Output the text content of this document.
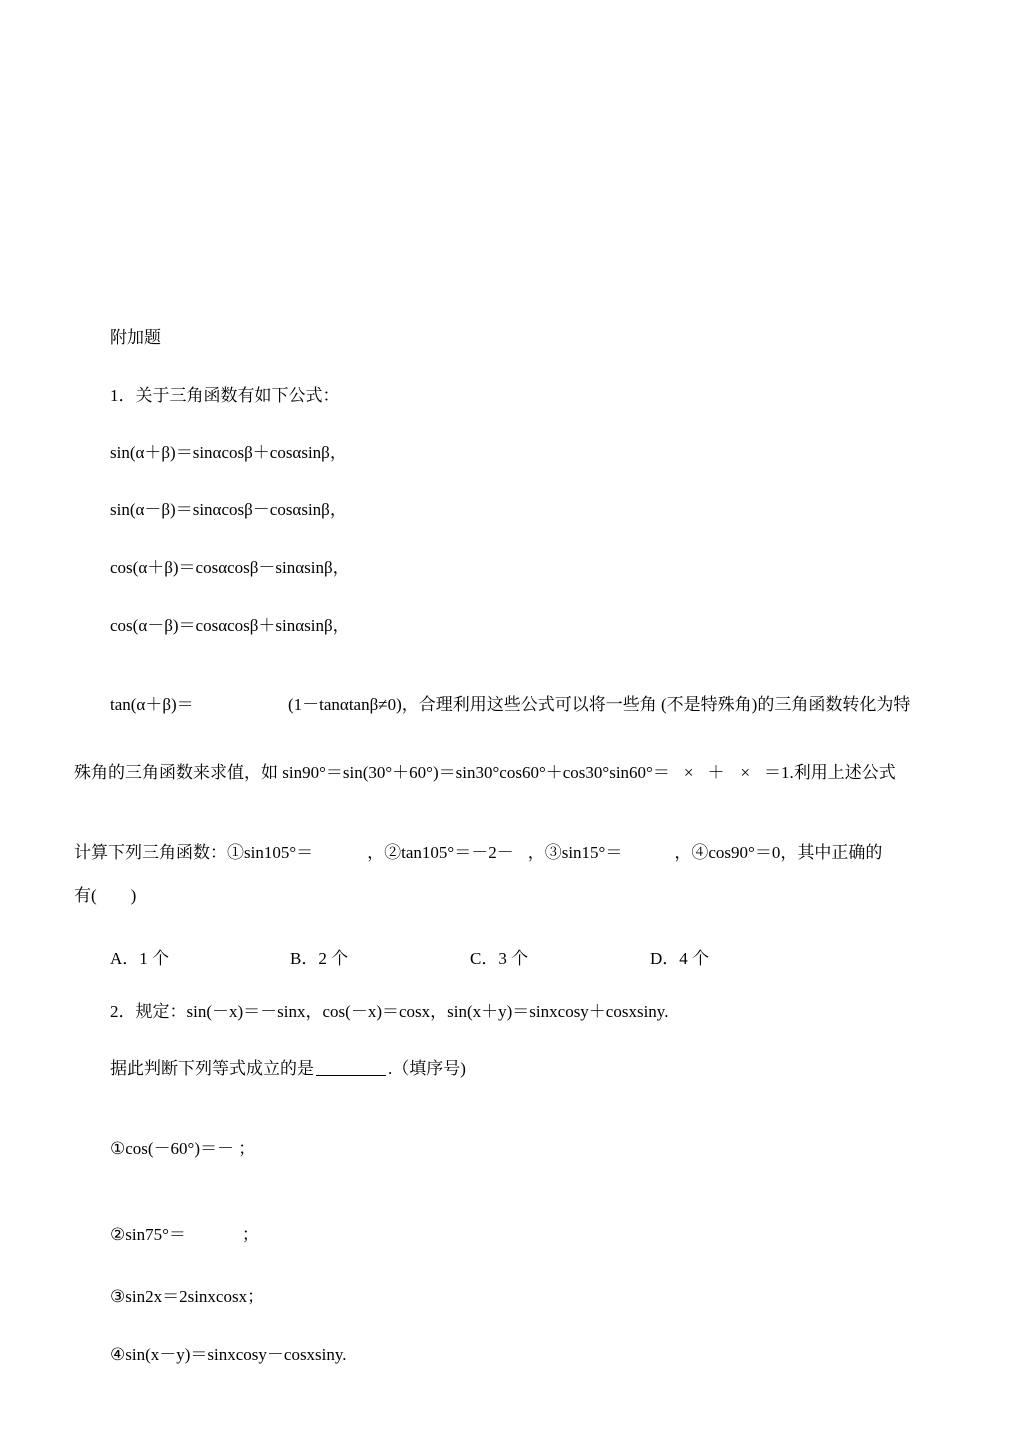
附加题
1．关于三角函数有如下公式：
sin(α＋β)＝sinαcosβ＋cosαsinβ，
sin(α－β)＝sinαcosβ－cosαsinβ，
cos(α＋β)＝cosαcosβ－sinαsinβ，
cos(α－β)＝cosαcosβ＋sinαsinβ，
tan(α＋β)＝	(1－tanαtanβ≠0)，合理利用这些公式可以将一些角 (不是特殊角)的三角函数转化为特
殊角的三角函数来求值，如 sin90°＝sin(30°＋60°)＝sin30°cos60°＋cos30°sin60°＝ × ＋ × ＝1.利用上述公式
计算下列三角函数：①sin105°＝	，②tan105°＝－2－ ，③sin15°＝	，④cos90°＝0，其中正确的
有(　　)
A．1 个	B．2 个	C．3 个	D．4 个
2．规定：sin(－x)＝－sinx，cos(－x)＝cosx，sin(x＋y)＝sinxcosy＋cosxsiny.
据此判断下列等式成立的是	.（填序号)
①cos(－60°)＝－ ；
②sin75°＝	；
③sin2x＝2sinxcosx；
④sin(x－y)＝sinxcosy－cosxsiny.
